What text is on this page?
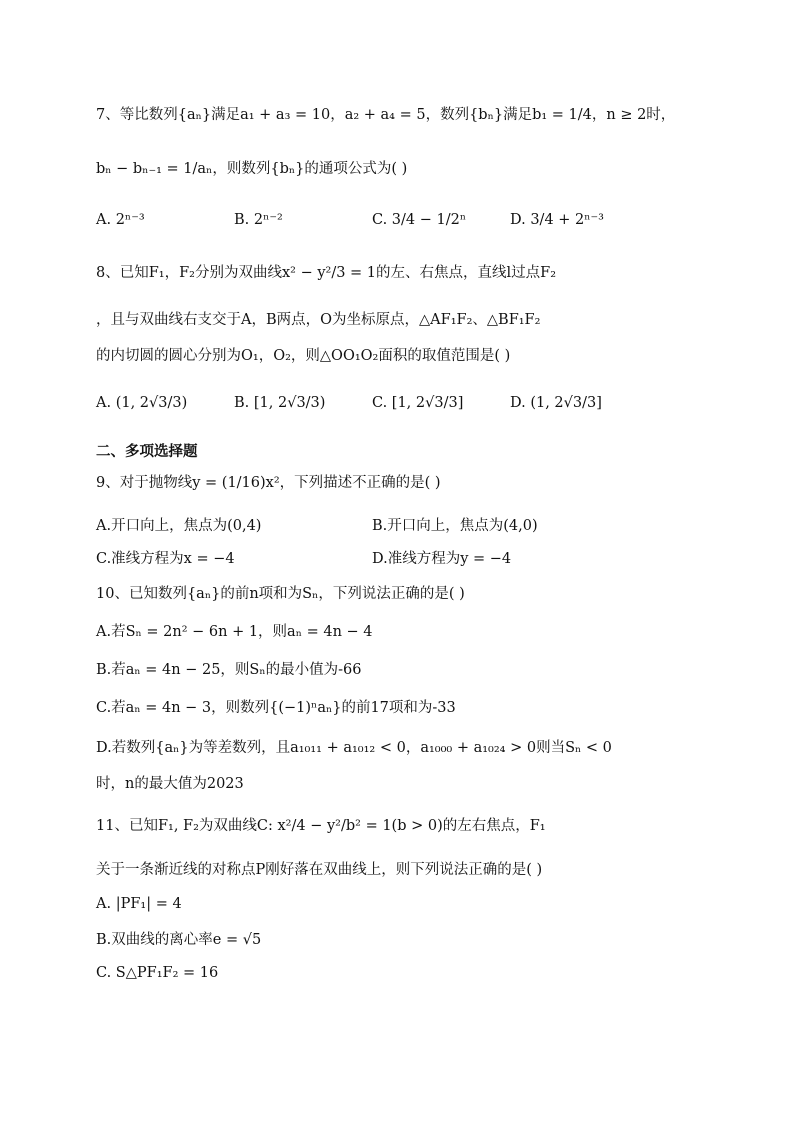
7、等比数列{aₙ}满足a₁ + a₃ = 10，a₂ + a₄ = 5，数列{bₙ}满足b₁ = 1/4，n ≥ 2时，
bₙ − bₙ₋₁ = 1/aₙ，则数列{bₙ}的通项公式为( )
A. 2ⁿ⁻³	B. 2ⁿ⁻²	C. 3/4 − 1/2ⁿ	D. 3/4 + 2ⁿ⁻³
8、已知F₁，F₂分别为双曲线x² − y²/3 = 1的左、右焦点，直线l过点F₂
，且与双曲线右支交于A，B两点，O为坐标原点，△AF₁F₂、△BF₁F₂
的内切圆的圆心分别为O₁，O₂，则△OO₁O₂面积的取值范围是( )
A. (1, 2√3/3)	B. [1, 2√3/3)	C. [1, 2√3/3]	D. (1, 2√3/3]
二、多项选择题
9、对于抛物线y = (1/16)x²，下列描述不正确的是( )
A.开口向上，焦点为(0,4)	B.开口向上，焦点为(4,0)
C.准线方程为x = −4	D.准线方程为y = −4
10、已知数列{aₙ}的前n项和为Sₙ，下列说法正确的是( )
A.若Sₙ = 2n² − 6n + 1，则aₙ = 4n − 4
B.若aₙ = 4n − 25，则Sₙ的最小值为-66
C.若aₙ = 4n − 3，则数列{(−1)ⁿaₙ}的前17项和为-33
D.若数列{aₙ}为等差数列，且a₁₀₁₁ + a₁₀₁₂ < 0，a₁₀₀₀ + a₁₀₂₄ > 0则当Sₙ < 0
时，n的最大值为2023
11、已知F₁, F₂为双曲线C: x²/4 − y²/b² = 1(b > 0)的左右焦点，F₁
关于一条渐近线的对称点P刚好落在双曲线上，则下列说法正确的是( )
A. |PF₁| = 4
B.双曲线的离心率e = √5
C. S△PF₁F₂ = 16
